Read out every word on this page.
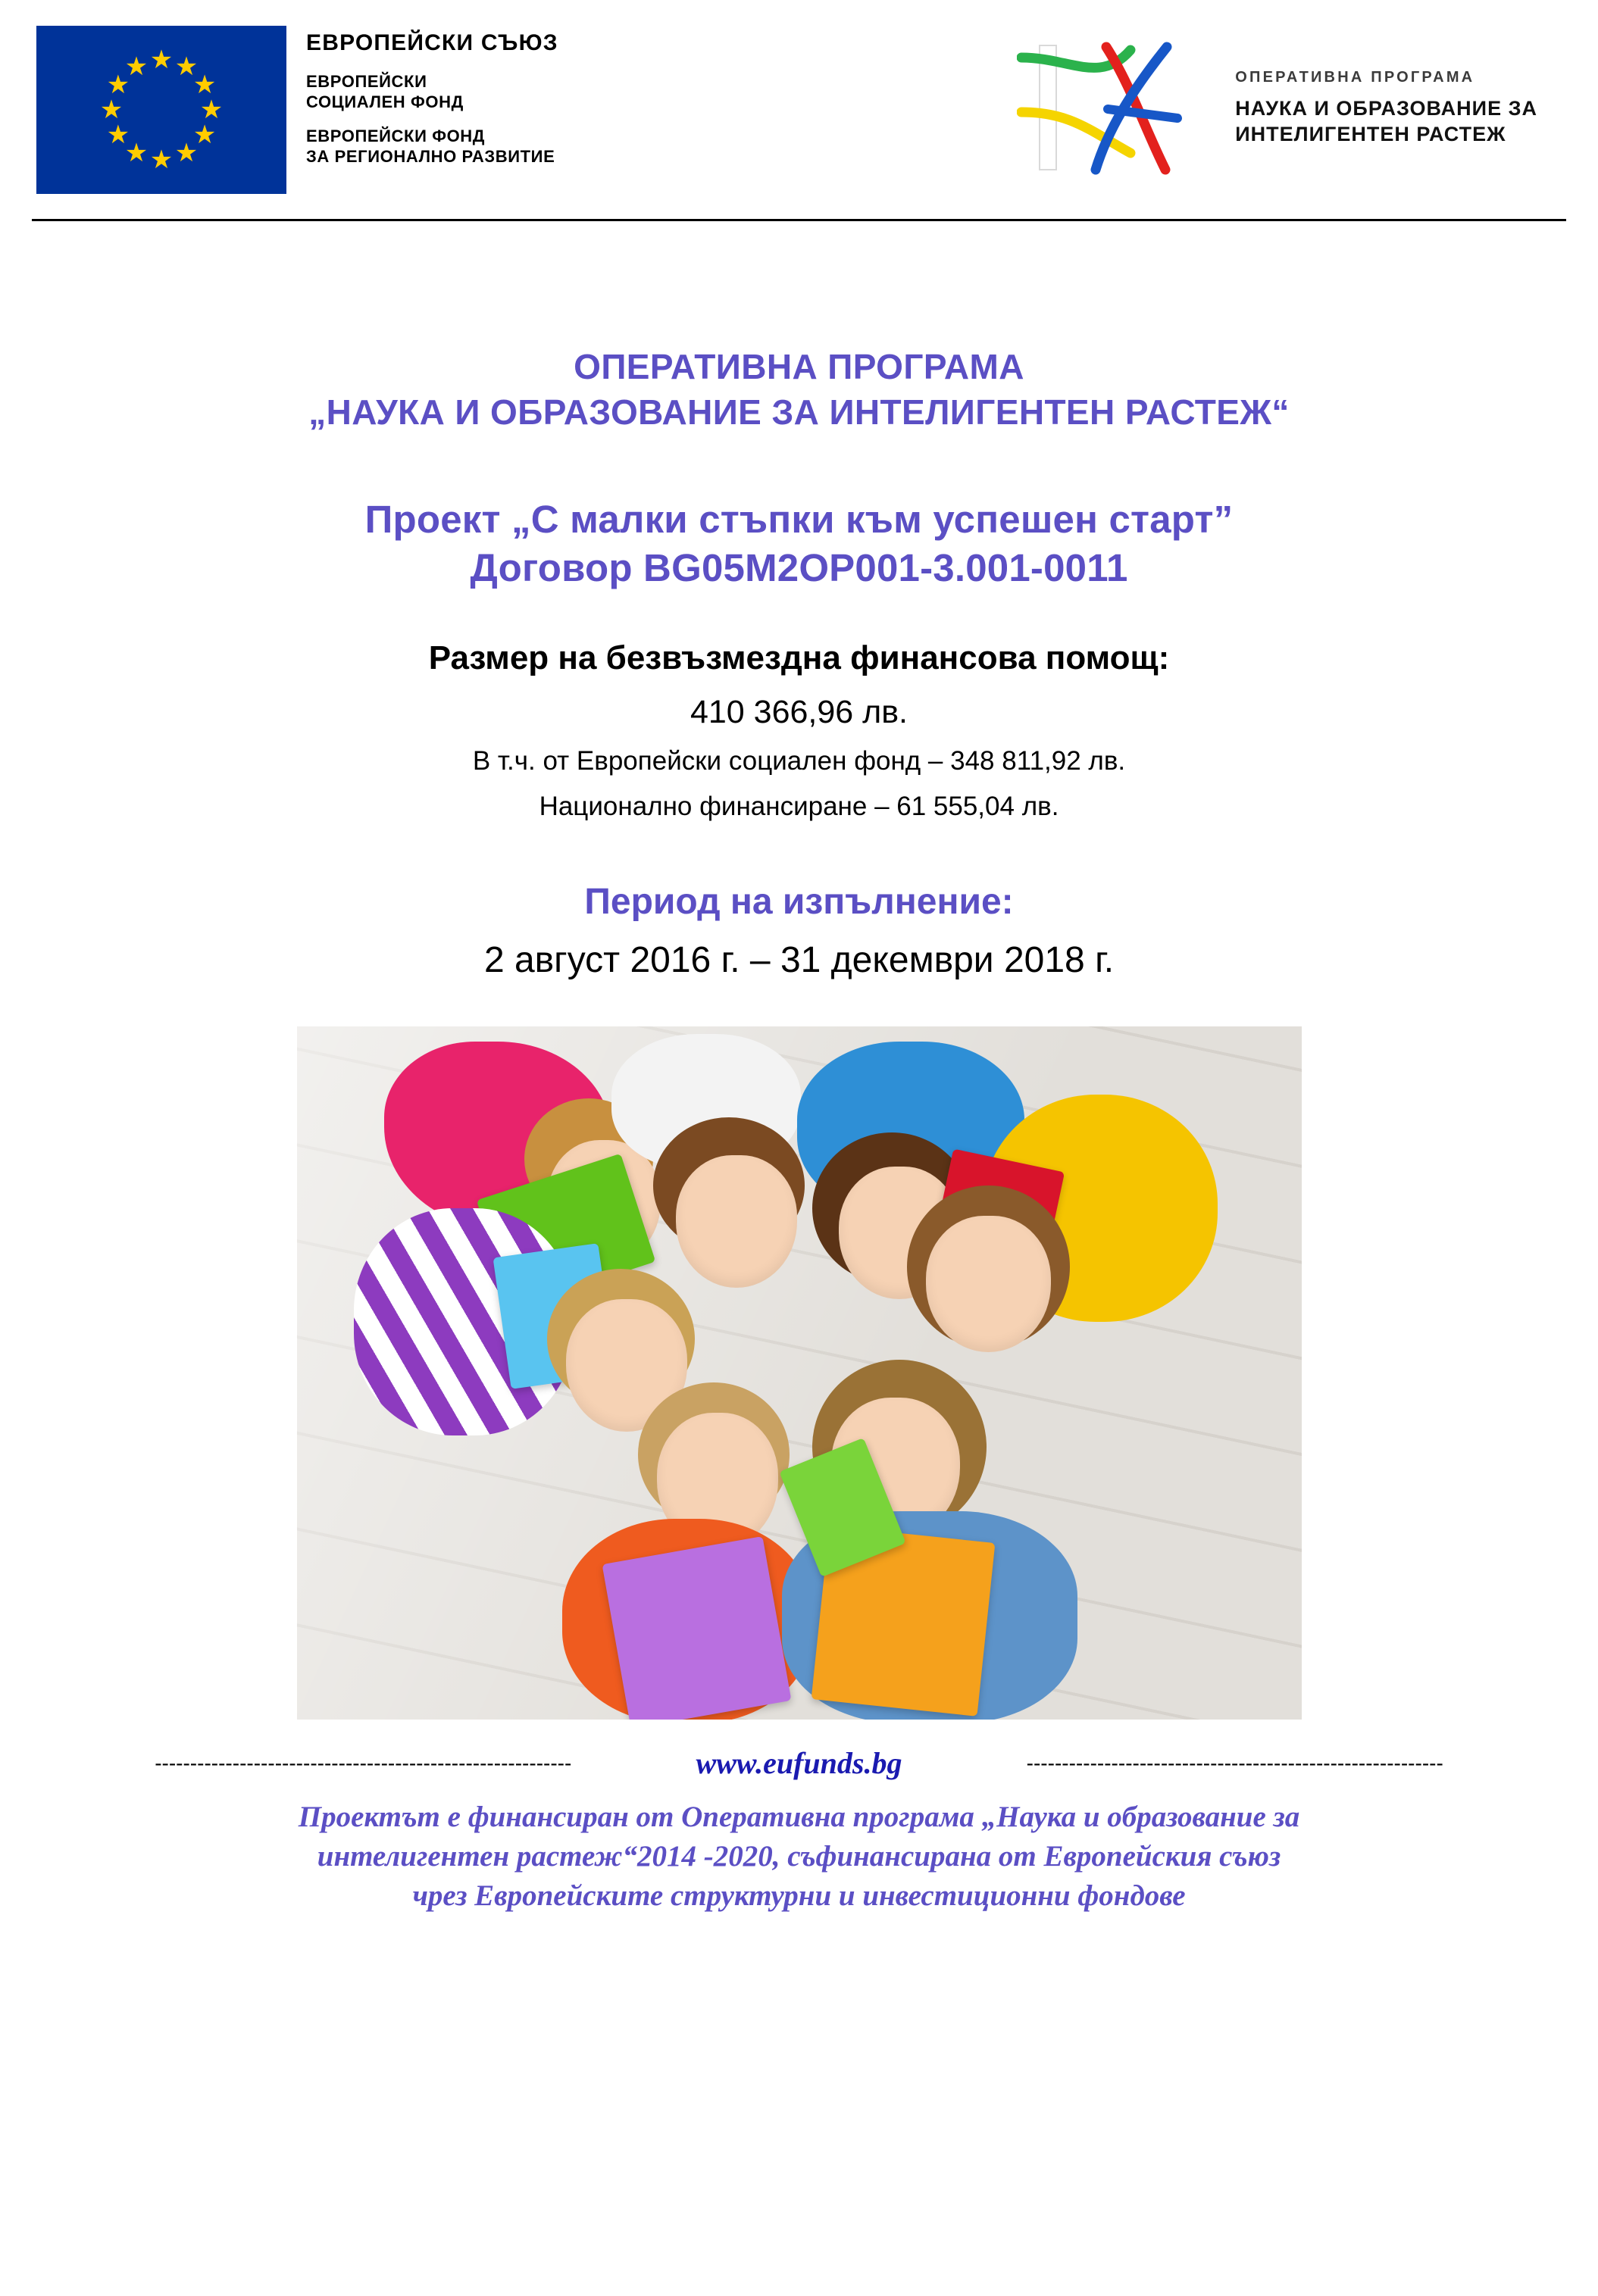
★ ★
★
★
★
★
★
★
★
★
★
★
ЕВРОПЕЙСКИ СЪЮЗ
ЕВРОПЕЙСКИ
СОЦИАЛЕН ФОНД
ЕВРОПЕЙСКИ ФОНД
ЗА РЕГИОНАЛНО РАЗВИТИЕ
ОПЕРАТИВНА ПРОГРАМА
НАУКА И ОБРАЗОВАНИЕ ЗА
ИНТЕЛИГЕНТЕН РАСТЕЖ
ОПЕРАТИВНА ПРОГРАМА
„НАУКА И ОБРАЗОВАНИЕ ЗА ИНТЕЛИГЕНТЕН РАСТЕЖ“
Проект „С малки стъпки към успешен старт”
Договор BG05M2OP001-3.001-0011
Размер на безвъзмездна финансова помощ:
410 366,96 лв.
В т.ч. от Европейски социален фонд – 348 811,92 лв.
Национално финансиране – 61 555,04 лв.
Период на изпълнение:
2 август 2016 г. – 31 декември 2018 г.
-----------------------------------------------------------	www.eufunds.bg	-----------------------------------------------------------
Проектът е финансиран от Оперативна програма „Наука и образование за
интелигентен растеж“2014 -2020, съфинансирана от Европейския съюз
чрез Европейските структурни и инвестиционни фондове
